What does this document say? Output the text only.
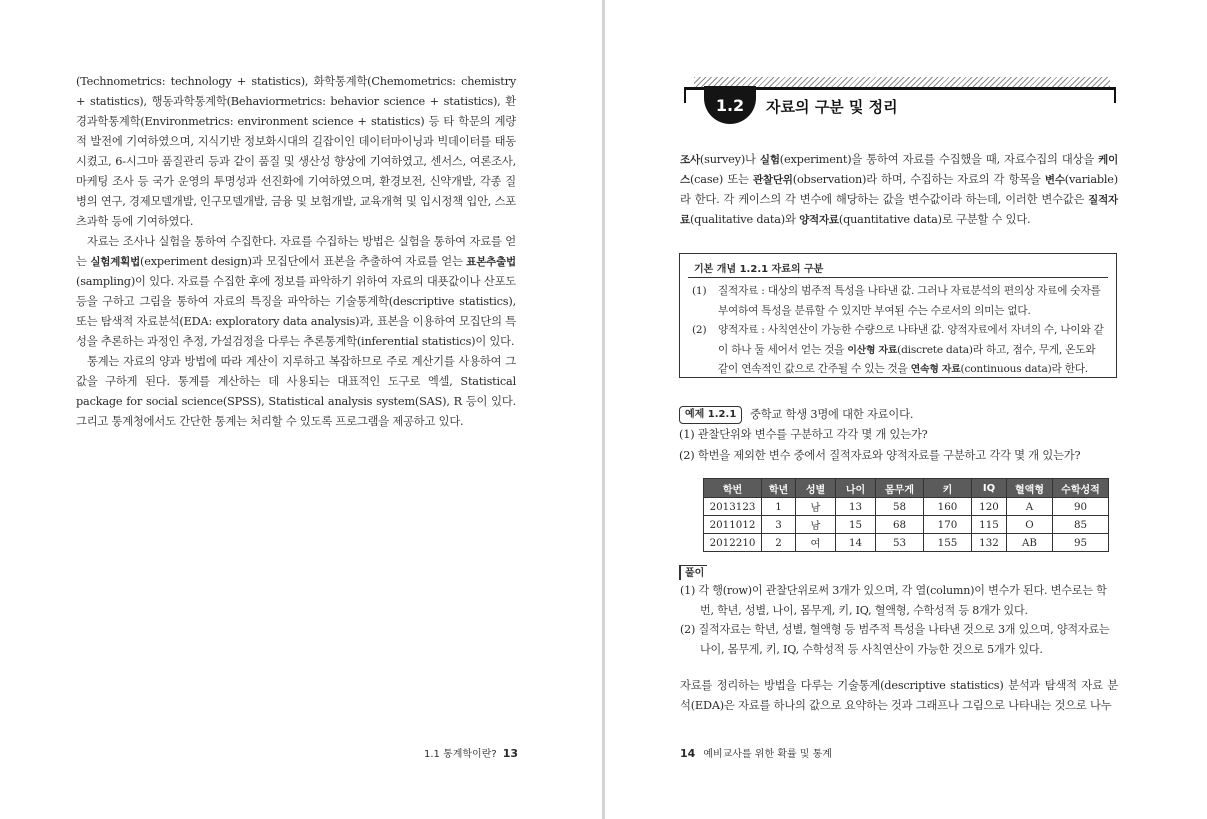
(Technometrics: technology + statistics), 화학통계학(Chemometrics: chemistry + statistics), 행동과학통계학(Behaviormetrics: behavior science + statistics), 환경과학통계학(Environmetrics: environment science + statistics) 등 타 학문의 계량적 발전에 기여하였으며, 지식기반 정보화시대의 길잡이인 데이터마이닝과 빅데이터를 태동시켰고, 6-시그마 품질관리 등과 같이 품질 및 생산성 향상에 기여하였고, 센서스, 여론조사, 마케팅 조사 등 국가 운영의 투명성과 선진화에 기여하였으며, 환경보전, 신약개발, 각종 질병의 연구, 경제모델개발, 인구모델개발, 금융 및 보험개발, 교육개혁 및 입시정책 입안, 스포츠과학 등에 기여하였다.

자료는 조사나 실험을 통하여 수집한다. 자료를 수집하는 방법은 실험을 통하여 자료를 얻는 실험계획법(experiment design)과 모집단에서 표본을 추출하여 자료를 얻는 표본추출법(sampling)이 있다. 자료를 수집한 후에 정보를 파악하기 위하여 자료의 대푯값이나 산포도 등을 구하고 그림을 통하여 자료의 특징을 파악하는 기술통계학(descriptive statistics), 또는 탐색적 자료분석(EDA: exploratory data analysis)과, 표본을 이용하여 모집단의 특성을 추론하는 과정인 추정, 가설검정을 다루는 추론통계학(inferential statistics)이 있다.

통계는 자료의 양과 방법에 따라 계산이 지루하고 복잡하므로 주로 계산기를 사용하여 그 값을 구하게 된다. 통계를 계산하는 데 사용되는 대표적인 도구로 엑셀, Statistical package for social science(SPSS), Statistical analysis system(SAS), R 등이 있다. 그리고 통계청에서도 간단한 통계는 처리할 수 있도록 프로그램을 제공하고 있다.

1.1 통계학이란? 13
1.2	자료의 구분 및 정리

조사(survey)나 실험(experiment)을 통하여 자료를 수집했을 때, 자료수집의 대상을 케이스(case) 또는 관찰단위(observation)라 하며, 수집하는 자료의 각 항목을 변수(variable)라 한다. 각 케이스의 각 변수에 해당하는 값을 변수값이라 하는데, 이러한 변수값은 질적자료(qualitative data)와 양적자료(quantitative data)로 구분할 수 있다.

기본 개념 1.2.1 자료의 구분
(1) 질적자료 : 대상의 범주적 특성을 나타낸 값. 그러나 자료분석의 편의상 자료에 숫자를 부여하여 특성을 분류할 수 있지만 부여된 수는 수로서의 의미는 없다.
(2) 양적자료 : 사칙연산이 가능한 수량으로 나타낸 값. 양적자료에서 자녀의 수, 나이와 같이 하나 둘 세어서 얻는 것을 이산형 자료(discrete data)라 하고, 점수, 무게, 온도와 같이 연속적인 값으로 간주될 수 있는 것을 연속형 자료(continuous data)라 한다.
예제 1.2.1	중학교 학생 3명에 대한 자료이다.
(1) 관찰단위와 변수를 구분하고 각각 몇 개 있는가?
(2) 학번을 제외한 변수 중에서 질적자료와 양적자료를 구분하고 각각 몇 개 있는가?
학번	학년	성별	나이	몸무게	키	IQ	혈액형	수학성적
2013123	1	남	13	58	160	120	A	90
2011012	3	남	15	68	170	115	O	85
2012210	2	여	14	53	155	132	AB	95
풀이

(1) 각 행(row)이 관찰단위로써 3개가 있으며, 각 열(column)이 변수가 된다. 변수로는 학번, 학년, 성별, 나이, 몸무게, 키, IQ, 혈액형, 수학성적 등 8개가 있다.

(2) 질적자료는 학년, 성별, 혈액형 등 범주적 특성을 나타낸 것으로 3개 있으며, 양적자료는 나이, 몸무게, 키, IQ, 수학성적 등 사칙연산이 가능한 것으로 5개가 있다.

자료를 정리하는 방법을 다루는 기술통계(descriptive statistics) 분석과 탐색적 자료 분석(EDA)은 자료를 하나의 값으로 요약하는 것과 그래프나 그림으로 나타내는 것으로 나누
14 예비교사를 위한 확률 및 통계
